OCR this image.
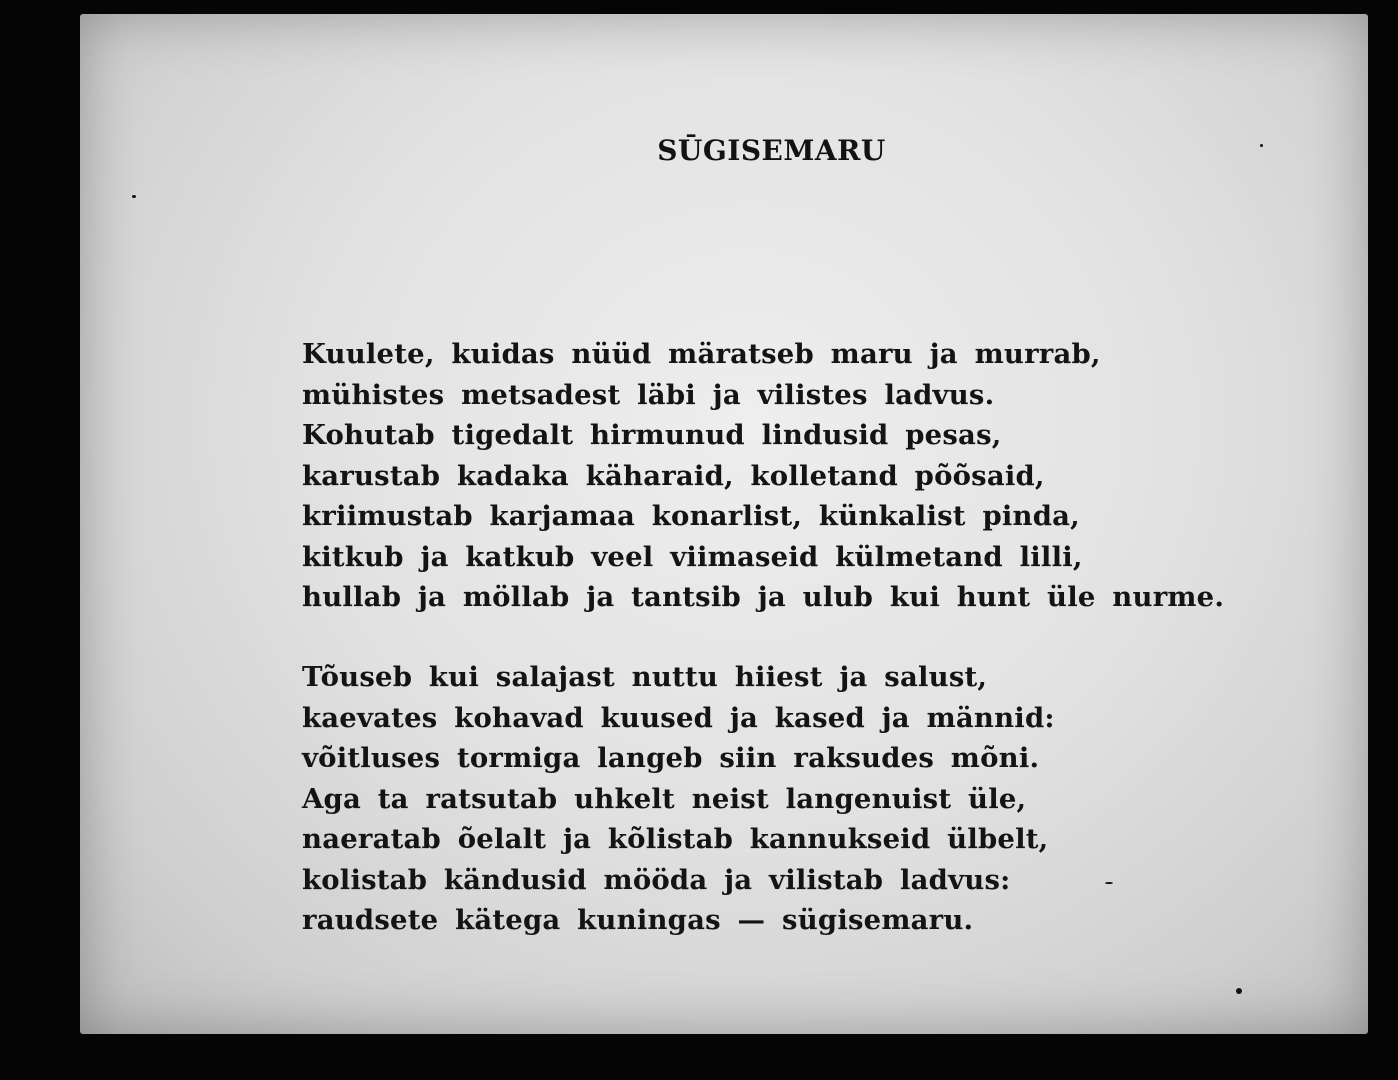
SŪGISEMARU
Kuulete, kuidas nüüd märatseb maru ja murrab,
mühistes metsadest läbi ja vilistes ladvus.
Kohutab tigedalt hirmunud lindusid pesas,
karustab kadaka käharaid, kolletand põõsaid,
kriimustab karjamaa konarlist, künkalist pinda,
kitkub ja katkub veel viimaseid külmetand lilli,
hullab ja möllab ja tantsib ja ulub kui hunt üle nurme.
Tõuseb kui salajast nuttu hiiest ja salust,
kaevates kohavad kuused ja kased ja männid:
võitluses tormiga langeb siin raksudes mõni.
Aga ta ratsutab uhkelt neist langenuist üle,
naeratab õelalt ja kõlistab kannukseid ülbelt,
kolistab kändusid mööda ja vilistab ladvus:
raudsete kätega kuningas — sügisemaru.
